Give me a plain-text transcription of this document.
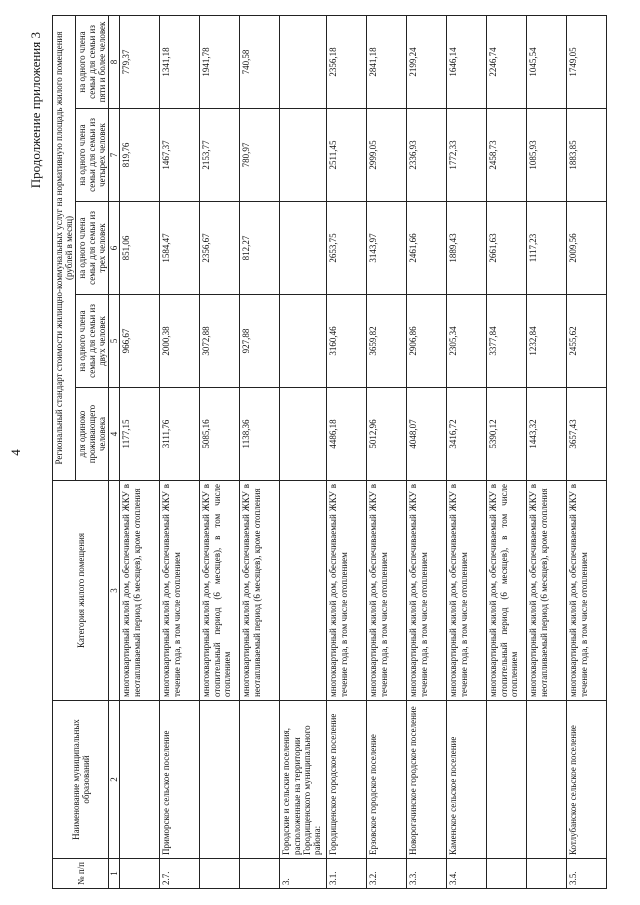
4
Продолжение приложения 3
№ п/п	Наименование муниципальных образований	Категория жилого помещения	Региональный стандарт стоимости жилищно-коммунальных услуг на нормативную площадь жилого помещения (рублей в месяц)				
			для одиноко проживающего человека	на одного члена семьи для семьи из двух человек	на одного члена семьи для семьи из трех человек	на одного члена семьи для семьи из четырех человек	на одного члена семьи для семьи из пяти и более человек
1	2	3	4	5	6	7	8
		многоквартирный жилой дом, обеспечиваемый ЖКУ в неотапливаемый период (6 месяцев), кроме отопления	1177,15	966,67	851,06	819,76	779,37
2.7.	Приморское сельское поселение	многоквартирный жилой дом, обеспечиваемый ЖКУ в течение года, в том числе отоплением	3111,76	2000,38	1584,47	1467,37	1341,18
		многоквартирный жилой дом, обеспечиваемый ЖКУ в отопительный период (6 месяцев), в том числе отоплением	5085,16	3072,88	2356,67	2153,77	1941,78
		многоквартирный жилой дом, обеспечиваемый ЖКУ в неотапливаемый период (6 месяцев), кроме отопления	1138,36	927,88	812,27	780,97	740,58
3.	Городские и сельские поселения, расположенные на территории Городищенского муниципального района:						
3.1.	Городищенское городское поселение	многоквартирный жилой дом, обеспечиваемый ЖКУ в течение года, в том числе отоплением	4486,18	3160,46	2653,75	2511,45	2356,18
3.2.	Ерзовское городское поселение	многоквартирный жилой дом, обеспечиваемый ЖКУ в течение года, в том числе отоплением	5012,96	3659,82	3143,97	2999,05	2841,18
3.3.	Новорогачинское городское поселение	многоквартирный жилой дом, обеспечиваемый ЖКУ в течение года, в том числе отоплением	4048,07	2906,86	2461,66	2336,93	2199,24
3.4.	Каменское сельское поселение	многоквартирный жилой дом, обеспечиваемый ЖКУ в течение года, в том числе отоплением	3416,72	2305,34	1889,43	1772,33	1646,14
		многоквартирный жилой дом, обеспечиваемый ЖКУ в отопительный период (6 месяцев), в том числе отоплением	5390,12	3377,84	2661,63	2458,73	2246,74
		многоквартирный жилой дом, обеспечиваемый ЖКУ в неотапливаемый период (6 месяцев), кроме отопления	1443,32	1232,84	1117,23	1085,93	1045,54
3.5.	Котлубанское сельское поселение	многоквартирный жилой дом, обеспечиваемый ЖКУ в течение года, в том числе отоплением	3657,43	2455,62	2009,56	1883,85	1749,05
